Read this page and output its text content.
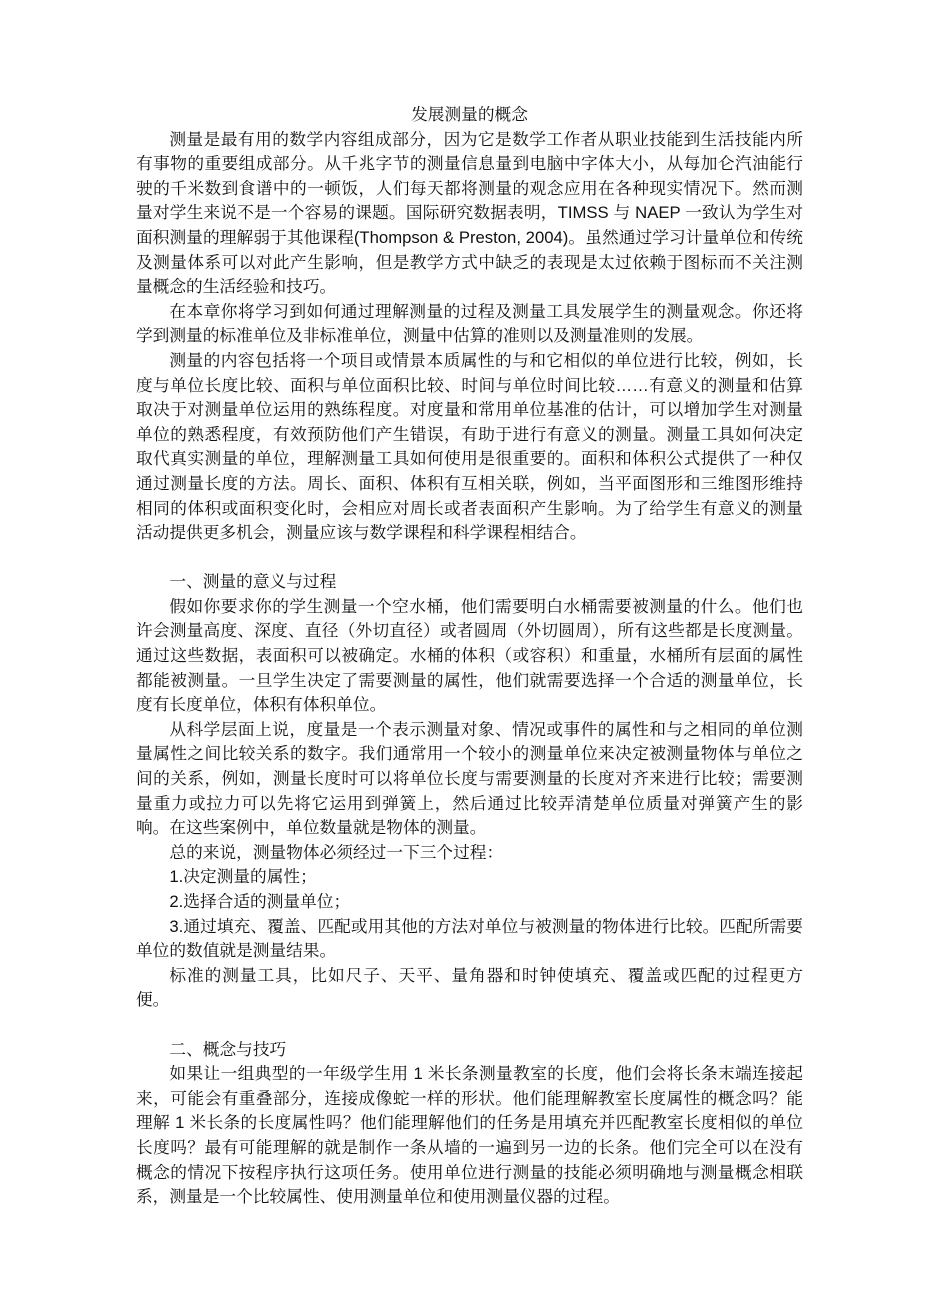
发展测量的概念

测量是最有用的数学内容组成部分，因为它是数学工作者从职业技能到生活技能内所有事物的重要组成部分。从千兆字节的测量信息量到电脑中字体大小，从每加仑汽油能行驶的千米数到食谱中的一顿饭，人们每天都将测量的观念应用在各种现实情况下。然而测量对学生来说不是一个容易的课题。国际研究数据表明，TIMSS 与 NAEP 一致认为学生对面积测量的理解弱于其他课程(Thompson & Preston, 2004)。虽然通过学习计量单位和传统及测量体系可以对此产生影响，但是教学方式中缺乏的表现是太过依赖于图标而不关注测量概念的生活经验和技巧。

在本章你将学习到如何通过理解测量的过程及测量工具发展学生的测量观念。你还将学到测量的标准单位及非标准单位，测量中估算的准则以及测量准则的发展。

测量的内容包括将一个项目或情景本质属性的与和它相似的单位进行比较，例如，长度与单位长度比较、面积与单位面积比较、时间与单位时间比较……有意义的测量和估算取决于对测量单位运用的熟练程度。对度量和常用单位基准的估计，可以增加学生对测量单位的熟悉程度，有效预防他们产生错误，有助于进行有意义的测量。测量工具如何决定取代真实测量的单位，理解测量工具如何使用是很重要的。面积和体积公式提供了一种仅通过测量长度的方法。周长、面积、体积有互相关联，例如，当平面图形和三维图形维持相同的体积或面积变化时，会相应对周长或者表面积产生影响。为了给学生有意义的测量活动提供更多机会，测量应该与数学课程和科学课程相结合。

一、测量的意义与过程

假如你要求你的学生测量一个空水桶，他们需要明白水桶需要被测量的什么。他们也许会测量高度、深度、直径（外切直径）或者圆周（外切圆周），所有这些都是长度测量。通过这些数据，表面积可以被确定。水桶的体积（或容积）和重量，水桶所有层面的属性都能被测量。一旦学生决定了需要测量的属性，他们就需要选择一个合适的测量单位，长度有长度单位，体积有体积单位。

从科学层面上说，度量是一个表示测量对象、情况或事件的属性和与之相同的单位测量属性之间比较关系的数字。我们通常用一个较小的测量单位来决定被测量物体与单位之间的关系，例如，测量长度时可以将单位长度与需要测量的长度对齐来进行比较；需要测量重力或拉力可以先将它运用到弹簧上，然后通过比较弄清楚单位质量对弹簧产生的影响。在这些案例中，单位数量就是物体的测量。

总的来说，测量物体必须经过一下三个过程：

1.决定测量的属性；

2.选择合适的测量单位；

3.通过填充、覆盖、匹配或用其他的方法对单位与被测量的物体进行比较。匹配所需要单位的数值就是测量结果。

标准的测量工具，比如尺子、天平、量角器和时钟使填充、覆盖或匹配的过程更方便。

二、概念与技巧

如果让一组典型的一年级学生用 1 米长条测量教室的长度，他们会将长条末端连接起来，可能会有重叠部分，连接成像蛇一样的形状。他们能理解教室长度属性的概念吗？能理解 1 米长条的长度属性吗？他们能理解他们的任务是用填充并匹配教室长度相似的单位长度吗？最有可能理解的就是制作一条从墙的一遍到另一边的长条。他们完全可以在没有概念的情况下按程序执行这项任务。使用单位进行测量的技能必须明确地与测量概念相联系，测量是一个比较属性、使用测量单位和使用测量仪器的过程。
